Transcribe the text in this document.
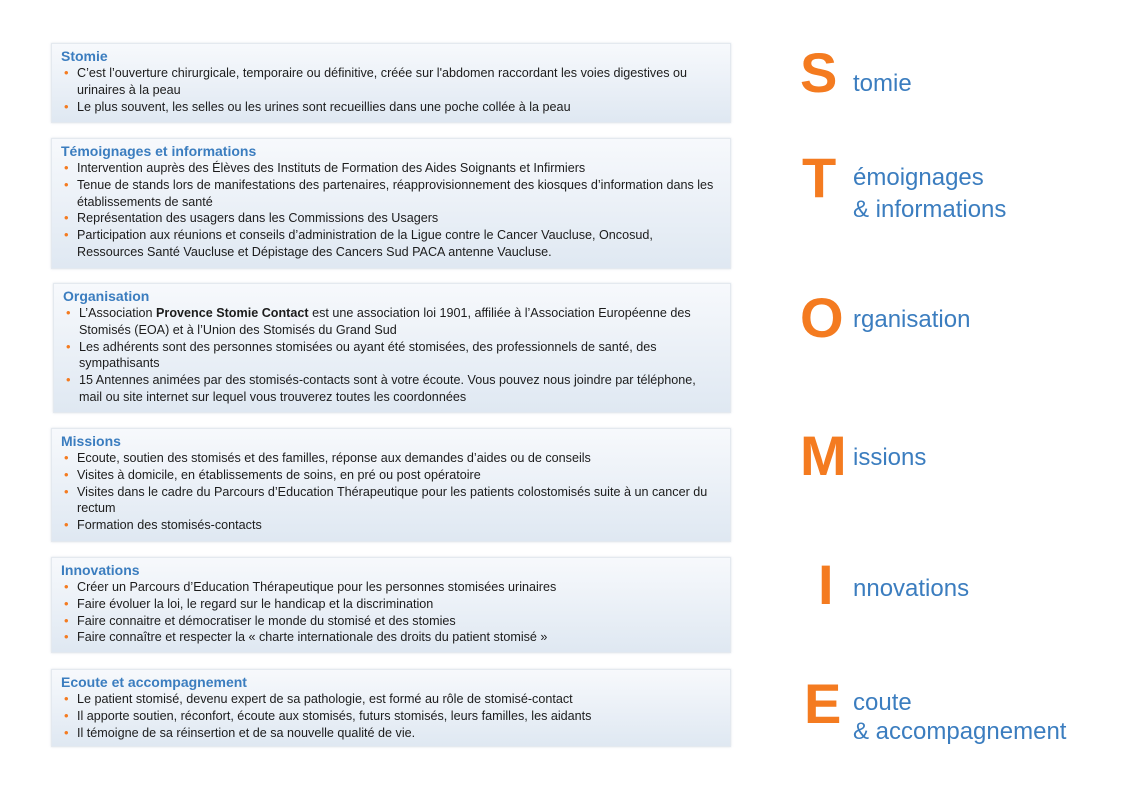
Stomie
• C’est l’ouverture chirurgicale, temporaire ou définitive, créée sur l'abdomen raccordant les voies digestives ou urinaires à la peau
• Le plus souvent, les selles ou les urines sont recueillies dans une poche collée à la peau
Témoignages et informations
• Intervention auprès des Élèves des Instituts de Formation des Aides Soignants et Infirmiers
• Tenue de stands lors de manifestations des partenaires, réapprovisionnement des kiosques d’information dans les établissements de santé
• Représentation des usagers dans les Commissions des Usagers
• Participation aux réunions et conseils d’administration de la Ligue contre le Cancer Vaucluse, Oncosud, Ressources Santé Vaucluse et Dépistage des Cancers Sud PACA antenne Vaucluse.
Organisation
• L’Association Provence Stomie Contact est une association loi 1901, affiliée à l’Association Européenne des Stomisés (EOA) et à l’Union des Stomisés du Grand Sud
• Les adhérents sont des personnes stomisées ou ayant été stomisées, des professionnels de santé, des sympathisants
• 15 Antennes animées par des stomisés-contacts sont à votre écoute. Vous pouvez nous joindre par téléphone, mail ou site internet sur lequel vous trouverez toutes les coordonnées
Missions
• Ecoute, soutien des stomisés et des familles, réponse aux demandes d’aides ou de conseils
• Visites à domicile, en établissements de soins, en pré ou post opératoire
• Visites dans le cadre du Parcours d’Education Thérapeutique pour les patients colostomisés suite à un cancer du rectum
• Formation des stomisés-contacts
Innovations
• Créer un Parcours d’Education Thérapeutique pour les personnes stomisées urinaires
• Faire évoluer la loi, le regard sur le handicap et la discrimination
• Faire connaitre et démocratiser le monde du stomisé et des stomies
• Faire connaître et respecter la « charte internationale des droits du patient stomisé »
Ecoute et accompagnement
• Le patient stomisé, devenu expert de sa pathologie, est formé au rôle de stomisé-contact
• Il apporte soutien, réconfort, écoute aux stomisés, futurs stomisés, leurs familles, les aidants
• Il témoigne de sa réinsertion et de sa nouvelle qualité de vie.
S tomie
T émoignages
& informations
O rganisation
M issions
I nnovations
E coute
& accompagnement
